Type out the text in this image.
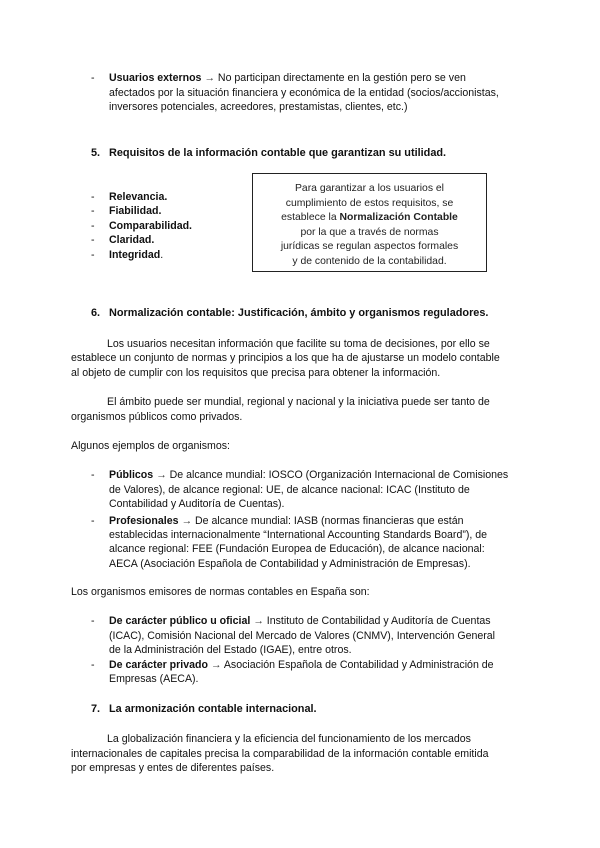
- Usuarios externos → No participan directamente en la gestión pero se ven
afectados por la situación financiera y económica de la entidad (socios/accionistas,
inversores potenciales, acreedores, prestamistas, clientes, etc.)
5. Requisitos de la información contable que garantizan su utilidad.
- Relevancia.
- Fiabilidad.
- Comparabilidad.
- Claridad.
- Integridad.
Para garantizar a los usuarios el
cumplimiento de estos requisitos, se
establece la Normalización Contable
por la que a través de normas
jurídicas se regulan aspectos formales
y de contenido de la contabilidad.
6. Normalización contable: Justificación, ámbito y organismos reguladores.
Los usuarios necesitan información que facilite su toma de decisiones, por ello se
establece un conjunto de normas y principios a los que ha de ajustarse un modelo contable
al objeto de cumplir con los requisitos que precisa para obtener la información.
El ámbito puede ser mundial, regional y nacional y la iniciativa puede ser tanto de
organismos públicos como privados.
Algunos ejemplos de organismos:
- Públicos → De alcance mundial: IOSCO (Organización Internacional de Comisiones
de Valores), de alcance regional: UE, de alcance nacional: ICAC (Instituto de
Contabilidad y Auditoría de Cuentas).
- Profesionales → De alcance mundial: IASB (normas financieras que están
establecidas internacionalmente “International Accounting Standards Board”), de
alcance regional: FEE (Fundación Europea de Educación), de alcance nacional:
AECA (Asociación Española de Contabilidad y Administración de Empresas).
Los organismos emisores de normas contables en España son:
- De carácter público u oficial → Instituto de Contabilidad y Auditoría de Cuentas
(ICAC), Comisión Nacional del Mercado de Valores (CNMV), Intervención General
de la Administración del Estado (IGAE), entre otros.
- De carácter privado → Asociación Española de Contabilidad y Administración de
Empresas (AECA).
7. La armonización contable internacional.
La globalización financiera y la eficiencia del funcionamiento de los mercados
internacionales de capitales precisa la comparabilidad de la información contable emitida
por empresas y entes de diferentes países.
